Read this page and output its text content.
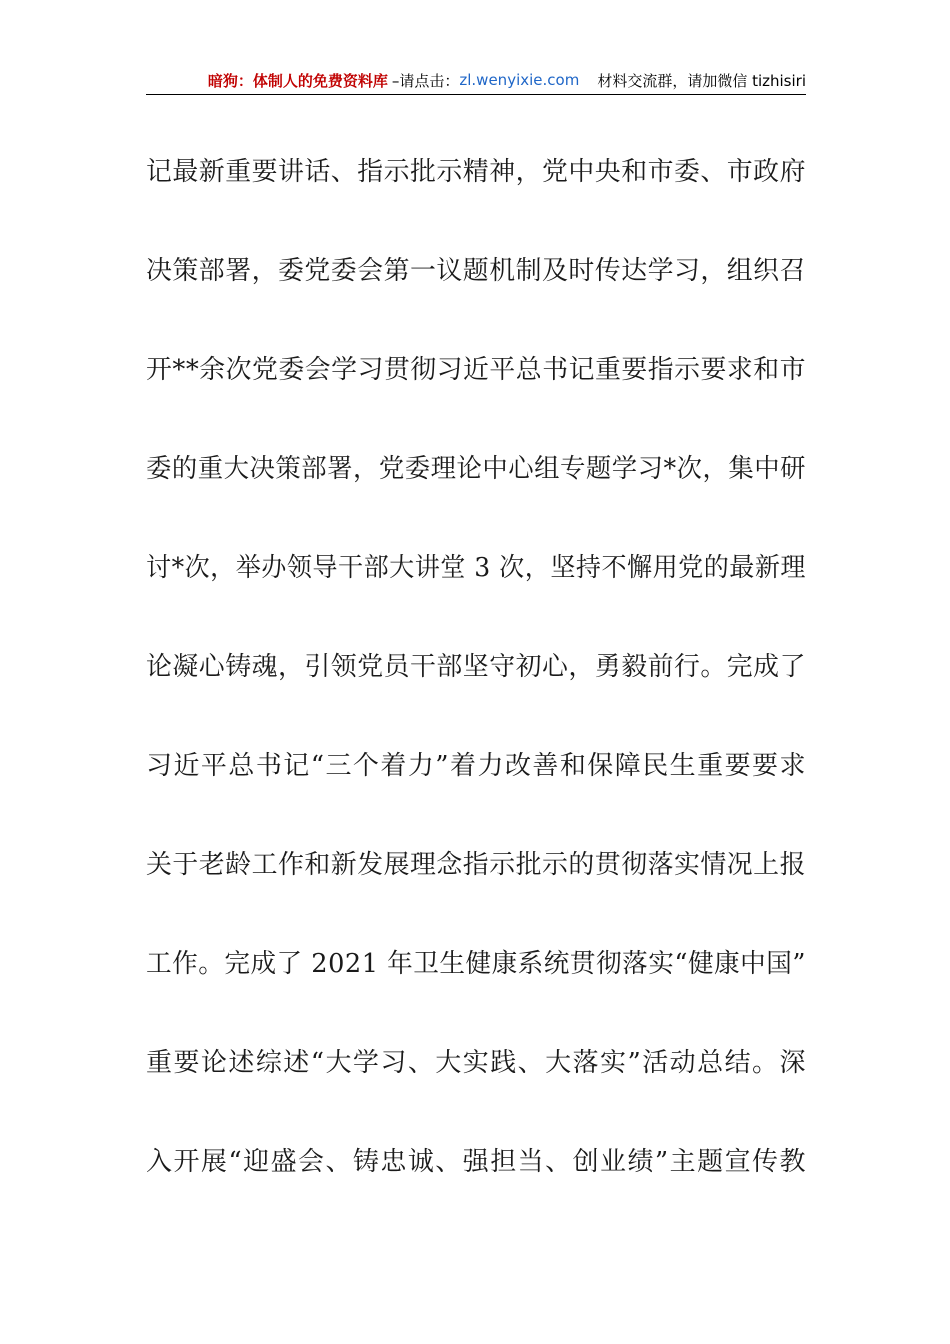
暗狗：体制人的免费资料库 –请点击： zl.wenyixie.com 材料交流群，请加微信 tizhisiri
记最新重要讲话、指示批示精神，党中央和市委、市政府
决策部署，委党委会第一议题机制及时传达学习，组织召
开**余次党委会学习贯彻习近平总书记重要指示要求和市
委的重大决策部署，党委理论中心组专题学习*次，集中研
讨*次，举办领导干部大讲堂 3 次，坚持不懈用党的最新理
论凝心铸魂，引领党员干部坚守初心，勇毅前行。完成了
习近平总书记“三个着力”着力改善和保障民生重要要求
关于老龄工作和新发展理念指示批示的贯彻落实情况上报
工作。完成了 2021 年卫生健康系统贯彻落实“健康中国”
重要论述综述“大学习、大实践、大落实”活动总结。深
入开展“迎盛会、铸忠诚、强担当、创业绩”主题宣传教
